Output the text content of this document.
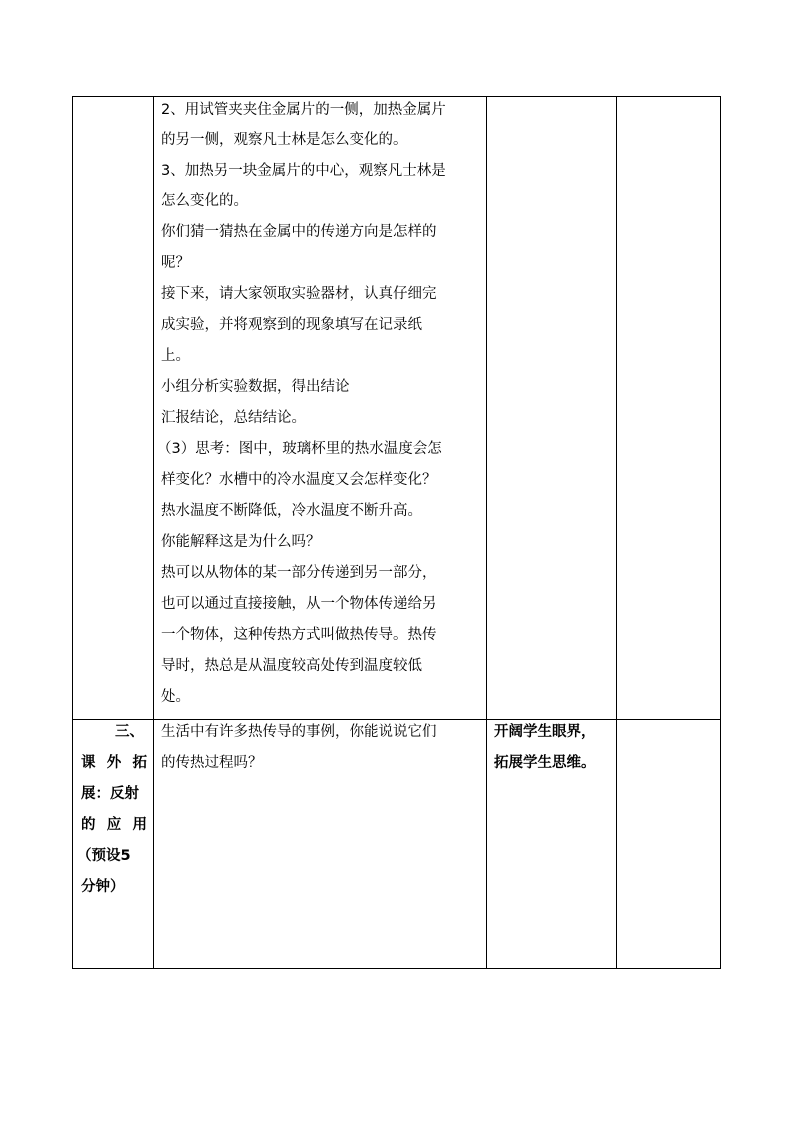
2、用试管夹夹住金属片的一侧，加热金属片
的另一侧，观察凡士林是怎么变化的。
3、加热另一块金属片的中心，观察凡士林是
怎么变化的。
你们猜一猜热在金属中的传递方向是怎样的
呢？
接下来，请大家领取实验器材，认真仔细完
成实验，并将观察到的现象填写在记录纸
上。
小组分析实验数据，得出结论
汇报结论，总结结论。
（3）思考：图中，玻璃杯里的热水温度会怎
样变化？水槽中的冷水温度又会怎样变化？
热水温度不断降低，冷水温度不断升高。
你能解释这是为什么吗？
热可以从物体的某一部分传递到另一部分，
也可以通过直接接触，从一个物体传递给另
一个物体，这种传热方式叫做热传导。热传
导时，热总是从温度较高处传到温度较低
处。
三、
课 外 拓
展：反射
的 应 用
（预设5
分钟）
生活中有许多热传导的事例，你能说说它们
的传热过程吗？
开阔学生眼界，
拓展学生思维。
